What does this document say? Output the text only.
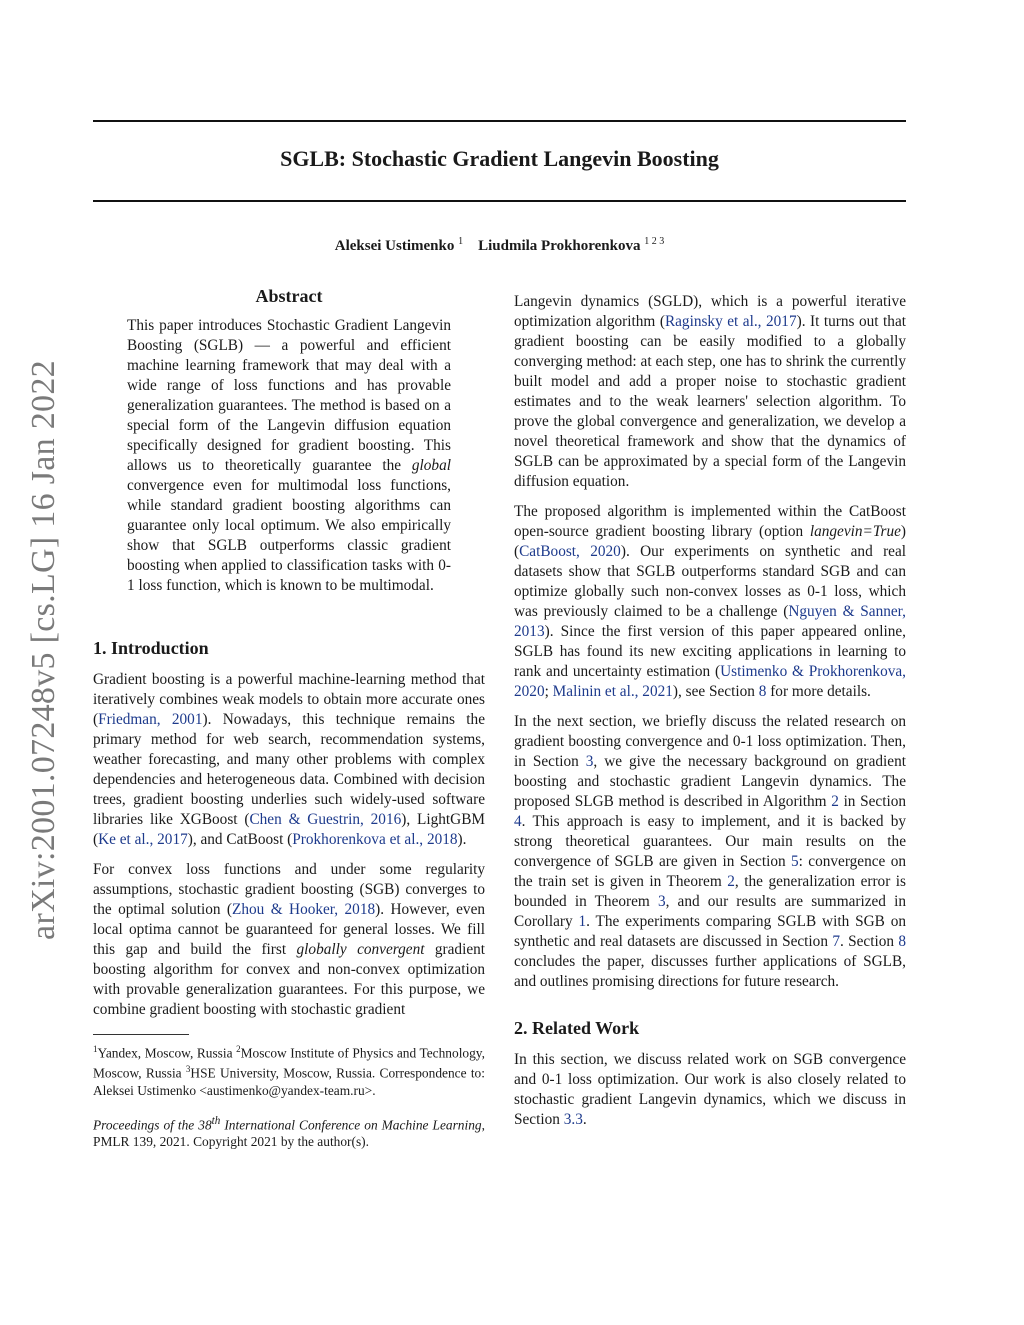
SGLB: Stochastic Gradient Langevin Boosting
Aleksei Ustimenko $^1$ Liudmila Prokhorenkova $^{1 2 3}$
arXiv:2001.07248v5 [cs.LG] 16 Jan 2022
Abstract
This paper introduces Stochastic Gradient Langevin Boosting (SGLB) — a powerful and efficient machine learning framework that may deal with a wide range of loss functions and has provable generalization guarantees. The method is based on a special form of the Langevin diffusion equation specifically designed for gradient boosting. This allows us to theoretically guarantee the global convergence even for multimodal loss functions, while standard gradient boosting algorithms can guarantee only local optimum. We also empirically show that SGLB outperforms classic gradient boosting when applied to classification tasks with 0-1 loss function, which is known to be multimodal.
1. Introduction

Gradient boosting is a powerful machine-learning method that iteratively combines weak models to obtain more accurate ones (Friedman, 2001). Nowadays, this technique remains the primary method for web search, recommendation systems, weather forecasting, and many other problems with complex dependencies and heterogeneous data. Combined with decision trees, gradient boosting underlies such widely-used software libraries like XGBoost (Chen & Guestrin, 2016), LightGBM (Ke et al., 2017), and CatBoost (Prokhorenkova et al., 2018).

For convex loss functions and under some regularity assumptions, stochastic gradient boosting (SGB) converges to the optimal solution (Zhou & Hooker, 2018). However, even local optima cannot be guaranteed for general losses. We fill this gap and build the first globally convergent gradient boosting algorithm for convex and non-convex optimization with provable generalization guarantees. For this purpose, we combine gradient boosting with stochastic gradient

$^1$Yandex, Moscow, Russia $^2$Moscow Institute of Physics and Technology, Moscow, Russia $^3$HSE University, Moscow, Russia. Correspondence to: Aleksei Ustimenko <austimenko@yandex-team.ru>.
Proceedings of the 38th International Conference on Machine Learning, PMLR 139, 2021. Copyright 2021 by the author(s).

Langevin dynamics (SGLD), which is a powerful iterative optimization algorithm (Raginsky et al., 2017). It turns out that gradient boosting can be easily modified to a globally converging method: at each step, one has to shrink the currently built model and add a proper noise to stochastic gradient estimates and to the weak learners' selection algorithm. To prove the global convergence and generalization, we develop a novel theoretical framework and show that the dynamics of SGLB can be approximated by a special form of the Langevin diffusion equation.

The proposed algorithm is implemented within the CatBoost open-source gradient boosting library (option langevin=True) (CatBoost, 2020). Our experiments on synthetic and real datasets show that SGLB outperforms standard SGB and can optimize globally such non-convex losses as 0-1 loss, which was previously claimed to be a challenge (Nguyen & Sanner, 2013). Since the first version of this paper appeared online, SGLB has found its new exciting applications in learning to rank and uncertainty estimation (Ustimenko & Prokhorenkova, 2020; Malinin et al., 2021), see Section 8 for more details.

In the next section, we briefly discuss the related research on gradient boosting convergence and 0-1 loss optimization. Then, in Section 3, we give the necessary background on gradient boosting and stochastic gradient Langevin dynamics. The proposed SLGB method is described in Algorithm 2 in Section 4. This approach is easy to implement, and it is backed by strong theoretical guarantees. Our main results on the convergence of SGLB are given in Section 5: convergence on the train set is given in Theorem 2, the generalization error is bounded in Theorem 3, and our results are summarized in Corollary 1. The experiments comparing SGLB with SGB on synthetic and real datasets are discussed in Section 7. Section 8 concludes the paper, discusses further applications of SGLB, and outlines promising directions for future research.

2. Related Work

In this section, we discuss related work on SGB convergence and 0-1 loss optimization. Our work is also closely related to stochastic gradient Langevin dynamics, which we discuss in Section 3.3.
